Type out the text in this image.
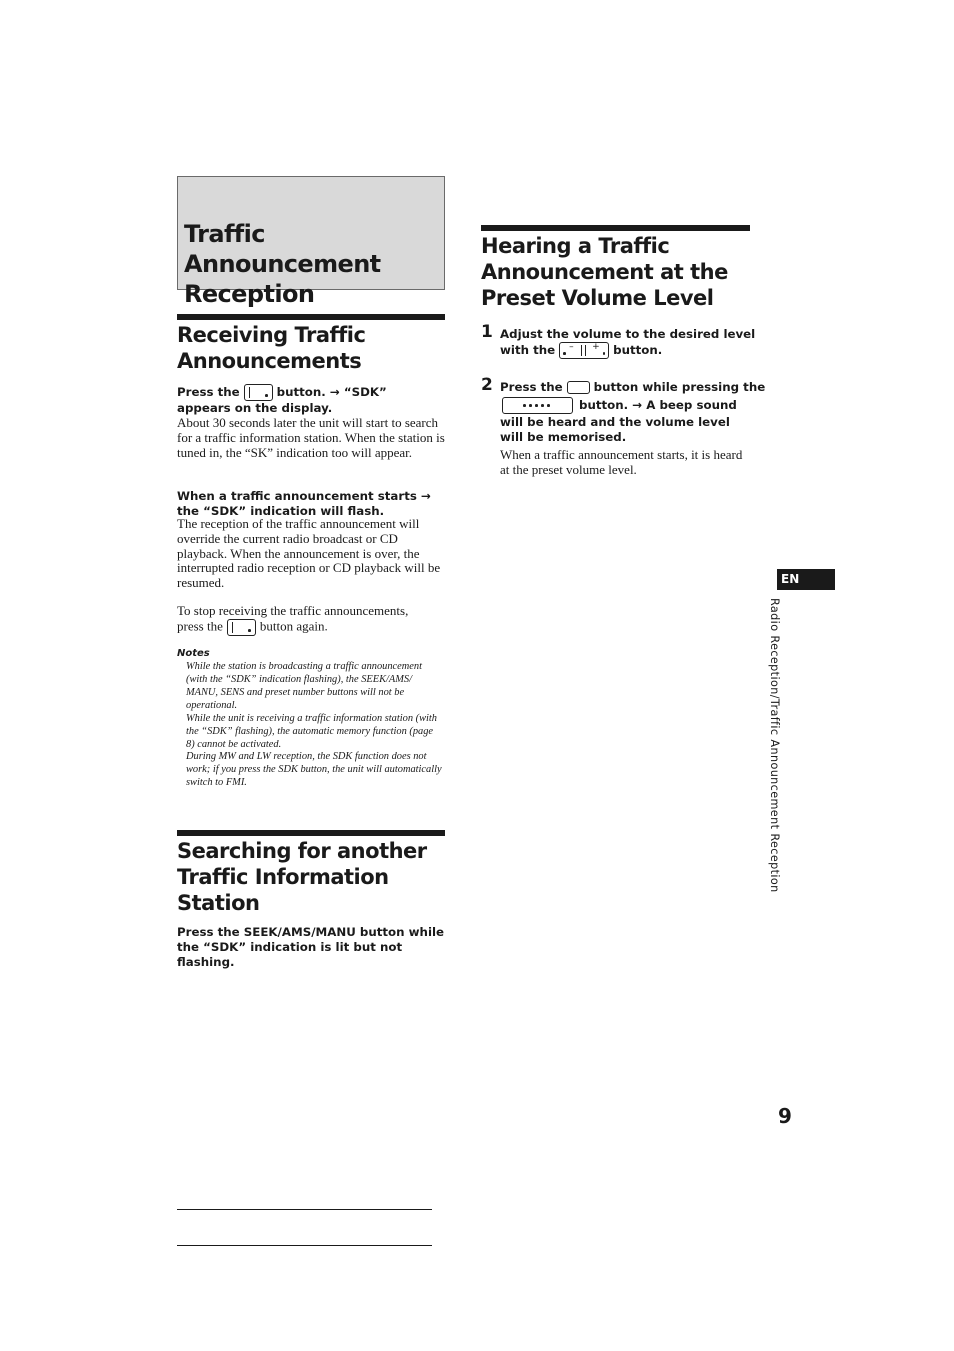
Traffic Announcement Reception
Receiving Traffic Announcements
Press the	button. → “SDK”
appears on the display.
About 30 seconds later the unit will start to search for a traffic information station. When the station is tuned in, the “SK” indication too will appear.
When a traffic announcement starts → the “SDK” indication will flash.
The reception of the traffic announcement will override the current radio broadcast or CD playback. When the announcement is over, the interrupted radio reception or CD playback will be resumed.
To stop receiving the traffic announcements,
press the	button again.
Notes
While the station is broadcasting a traffic announcement (with the “SDK” indication flashing), the SEEK/AMS/ MANU, SENS and preset number buttons will not be operational.
While the unit is receiving a traffic information station (with the “SDK” flashing), the automatic memory function (page 8) cannot be activated.
During MW and LW reception, the SDK function does not work; if you press the SDK button, the unit will automatically switch to FMI.
Searching for another Traffic Information Station
Press the SEEK/AMS/MANU button while the “SDK” indication is lit but not flashing.
Hearing a Traffic Announcement at the Preset Volume Level
1 Adjust the volume to the desired level
with the – + button.
2 Press the	button while pressing the
button. → A beep sound
will be heard and the volume level will be memorised.
When a traffic announcement starts, it is heard at the preset volume level.
EN
Radio Reception/Traffic Announcement Reception
9
